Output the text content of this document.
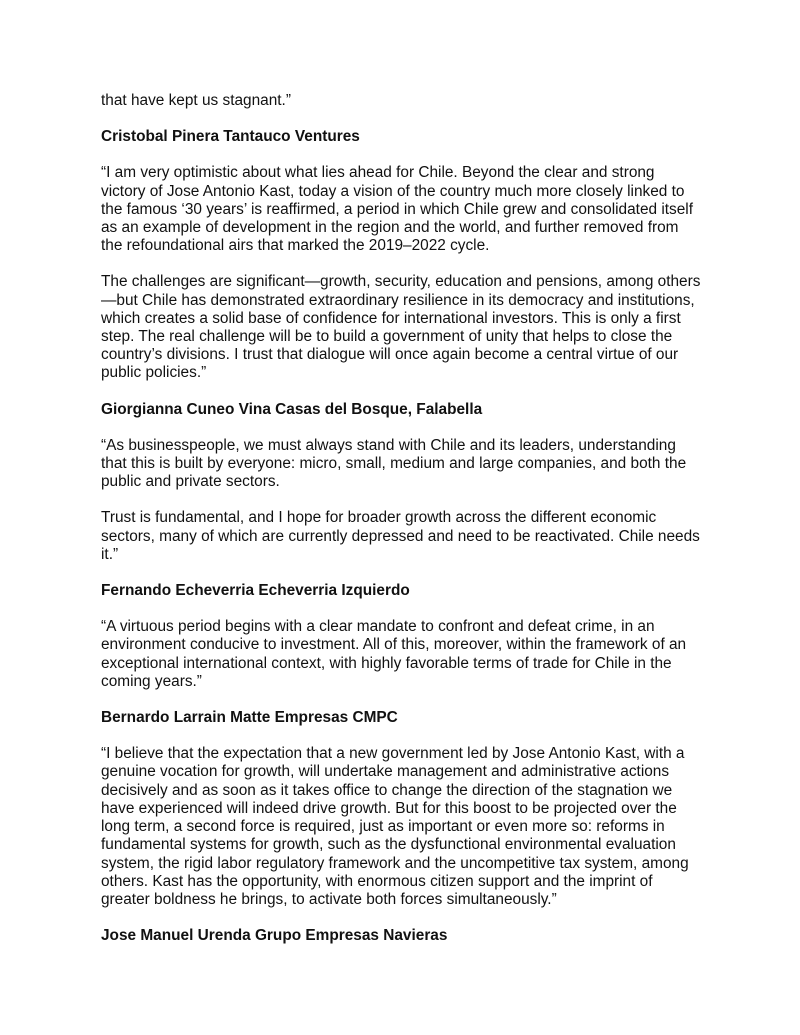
that have kept us stagnant.”

Cristobal Pinera Tantauco Ventures

“I am very optimistic about what lies ahead for Chile. Beyond the clear and strong victory of Jose Antonio Kast, today a vision of the country much more closely linked to the famous ‘30 years’ is reaffirmed, a period in which Chile grew and consolidated itself as an example of development in the region and the world, and further removed from the refoundational airs that marked the 2019–2022 cycle.

The challenges are significant—growth, security, education and pensions, among others—but Chile has demonstrated extraordinary resilience in its democracy and institutions, which creates a solid base of confidence for international investors. This is only a first step. The real challenge will be to build a government of unity that helps to close the country’s divisions. I trust that dialogue will once again become a central virtue of our public policies.”

Giorgianna Cuneo Vina Casas del Bosque, Falabella

“As businesspeople, we must always stand with Chile and its leaders, understanding that this is built by everyone: micro, small, medium and large companies, and both the public and private sectors.

Trust is fundamental, and I hope for broader growth across the different economic sectors, many of which are currently depressed and need to be reactivated. Chile needs it.”

Fernando Echeverria Echeverria Izquierdo

“A virtuous period begins with a clear mandate to confront and defeat crime, in an environment conducive to investment. All of this, moreover, within the framework of an exceptional international context, with highly favorable terms of trade for Chile in the coming years.”

Bernardo Larrain Matte Empresas CMPC

“I believe that the expectation that a new government led by Jose Antonio Kast, with a genuine vocation for growth, will undertake management and administrative actions decisively and as soon as it takes office to change the direction of the stagnation we have experienced will indeed drive growth. But for this boost to be projected over the long term, a second force is required, just as important or even more so: reforms in fundamental systems for growth, such as the dysfunctional environmental evaluation system, the rigid labor regulatory framework and the uncompetitive tax system, among others. Kast has the opportunity, with enormous citizen support and the imprint of greater boldness he brings, to activate both forces simultaneously.”

Jose Manuel Urenda Grupo Empresas Navieras
